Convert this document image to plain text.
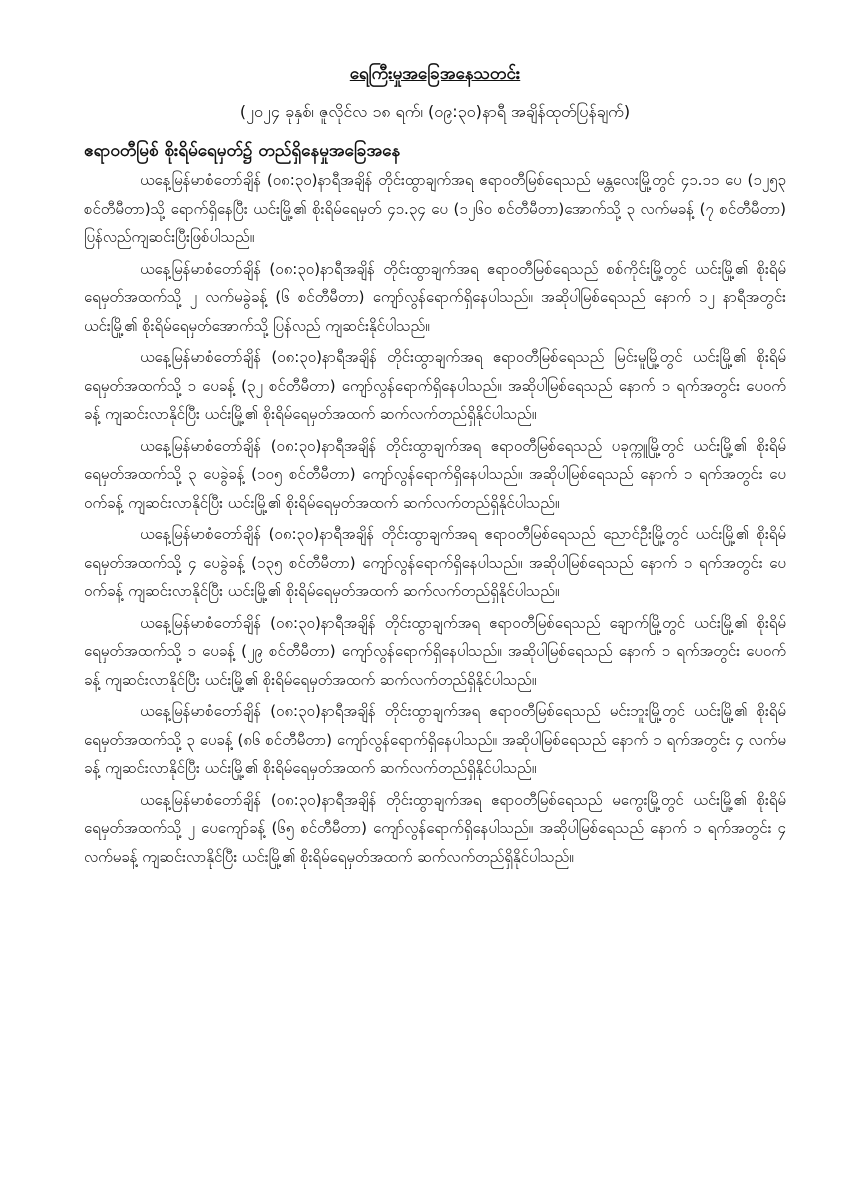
ရေကြီးမှုအခြေအနေသတင်း
(၂၀၂၄ ခုနှစ်၊ ဇူလိုင်လ ၁၈ ရက်၊ (၀၉:၃၀)နာရီ အချိန်ထုတ်ပြန်ချက်)
ဧရာဝတီမြစ် စိုးရိမ်ရေမှတ်၌ တည်ရှိနေမှုအခြေအနေ

ယနေ့မြန်မာစံတော်ချိန် (၀၈:၃၀)နာရီအချိန် တိုင်းထွာချက်အရ ဧရာဝတီမြစ်ရေသည် မန္တလေးမြို့တွင် ၄၁.၁၁ ပေ (၁၂၅၃ စင်တီမီတာ)သို့ ရောက်ရှိနေပြီး ယင်းမြို့၏ စိုးရိမ်ရေမှတ် ၄၁.၃၄ ပေ (၁၂၆၀ စင်တီမီတာ)အောက်သို့ ၃ လက်မခန့် (၇ စင်တီမီတာ) ပြန်လည်ကျဆင်းပြီးဖြစ်ပါသည်။

ယနေ့မြန်မာစံတော်ချိန် (၀၈:၃၀)နာရီအချိန် တိုင်းထွာချက်အရ ဧရာဝတီမြစ်ရေသည် စစ်ကိုင်းမြို့တွင် ယင်းမြို့၏ စိုးရိမ်ရေမှတ်အထက်သို့ ၂ လက်မခွဲခန့် (၆ စင်တီမီတာ) ကျော်လွန်ရောက်ရှိနေပါသည်။ အဆိုပါမြစ်ရေသည် နောက် ၁၂ နာရီအတွင်း ယင်းမြို့၏ စိုးရိမ်ရေမှတ်အောက်သို့ ပြန်လည် ကျဆင်းနိုင်ပါသည်။

ယနေ့မြန်မာစံတော်ချိန် (၀၈:၃၀)နာရီအချိန် တိုင်းထွာချက်အရ ဧရာဝတီမြစ်ရေသည် မြင်းမူမြို့တွင် ယင်းမြို့၏ စိုးရိမ်ရေမှတ်အထက်သို့ ၁ ပေခန့် (၃၂ စင်တီမီတာ) ကျော်လွန်ရောက်ရှိနေပါသည်။ အဆိုပါမြစ်ရေသည် နောက် ၁ ရက်အတွင်း ပေဝက်ခန့် ကျဆင်းလာနိုင်ပြီး ယင်းမြို့၏ စိုးရိမ်ရေမှတ်အထက် ဆက်လက်တည်ရှိနိုင်ပါသည်။

ယနေ့မြန်မာစံတော်ချိန် (၀၈:၃၀)နာရီအချိန် တိုင်းထွာချက်အရ ဧရာဝတီမြစ်ရေသည် ပခုက္ကူမြို့တွင် ယင်းမြို့၏ စိုးရိမ်ရေမှတ်အထက်သို့ ၃ ပေခွဲခန့် (၁၀၅ စင်တီမီတာ) ကျော်လွန်ရောက်ရှိနေပါသည်။ အဆိုပါမြစ်ရေသည် နောက် ၁ ရက်အတွင်း ပေဝက်ခန့် ကျဆင်းလာနိုင်ပြီး ယင်းမြို့၏ စိုးရိမ်ရေမှတ်အထက် ဆက်လက်တည်ရှိနိုင်ပါသည်။

ယနေ့မြန်မာစံတော်ချိန် (၀၈:၃၀)နာရီအချိန် တိုင်းထွာချက်အရ ဧရာဝတီမြစ်ရေသည် ညောင်ဦးမြို့တွင် ယင်းမြို့၏ စိုးရိမ်ရေမှတ်အထက်သို့ ၄ ပေခွဲခန့် (၁၃၅ စင်တီမီတာ) ကျော်လွန်ရောက်ရှိနေပါသည်။ အဆိုပါမြစ်ရေသည် နောက် ၁ ရက်အတွင်း ပေဝက်ခန့် ကျဆင်းလာနိုင်ပြီး ယင်းမြို့၏ စိုးရိမ်ရေမှတ်အထက် ဆက်လက်တည်ရှိနိုင်ပါသည်။

ယနေ့မြန်မာစံတော်ချိန် (၀၈:၃၀)နာရီအချိန် တိုင်းထွာချက်အရ ဧရာဝတီမြစ်ရေသည် ချောက်မြို့တွင် ယင်းမြို့၏ စိုးရိမ်ရေမှတ်အထက်သို့ ၁ ပေခန့် (၂၉ စင်တီမီတာ) ကျော်လွန်ရောက်ရှိနေပါသည်။ အဆိုပါမြစ်ရေသည် နောက် ၁ ရက်အတွင်း ပေဝက်ခန့် ကျဆင်းလာနိုင်ပြီး ယင်းမြို့၏ စိုးရိမ်ရေမှတ်အထက် ဆက်လက်တည်ရှိနိုင်ပါသည်။

ယနေ့မြန်မာစံတော်ချိန် (၀၈:၃၀)နာရီအချိန် တိုင်းထွာချက်အရ ဧရာဝတီမြစ်ရေသည် မင်းဘူးမြို့တွင် ယင်းမြို့၏ စိုးရိမ်ရေမှတ်အထက်သို့ ၃ ပေခန့် (၈၆ စင်တီမီတာ) ကျော်လွန်ရောက်ရှိနေပါသည်။ အဆိုပါမြစ်ရေသည် နောက် ၁ ရက်အတွင်း ၄ လက်မခန့် ကျဆင်းလာနိုင်ပြီး ယင်းမြို့၏ စိုးရိမ်ရေမှတ်အထက် ဆက်လက်တည်ရှိနိုင်ပါသည်။

ယနေ့မြန်မာစံတော်ချိန် (၀၈:၃၀)နာရီအချိန် တိုင်းထွာချက်အရ ဧရာဝတီမြစ်ရေသည် မကွေးမြို့တွင် ယင်းမြို့၏ စိုးရိမ်ရေမှတ်အထက်သို့ ၂ ပေကျော်ခန့် (၆၅ စင်တီမီတာ) ကျော်လွန်ရောက်ရှိနေပါသည်။ အဆိုပါမြစ်ရေသည် နောက် ၁ ရက်အတွင်း ၄ လက်မခန့် ကျဆင်းလာနိုင်ပြီး ယင်းမြို့၏ စိုးရိမ်ရေမှတ်အထက် ဆက်လက်တည်ရှိနိုင်ပါသည်။
